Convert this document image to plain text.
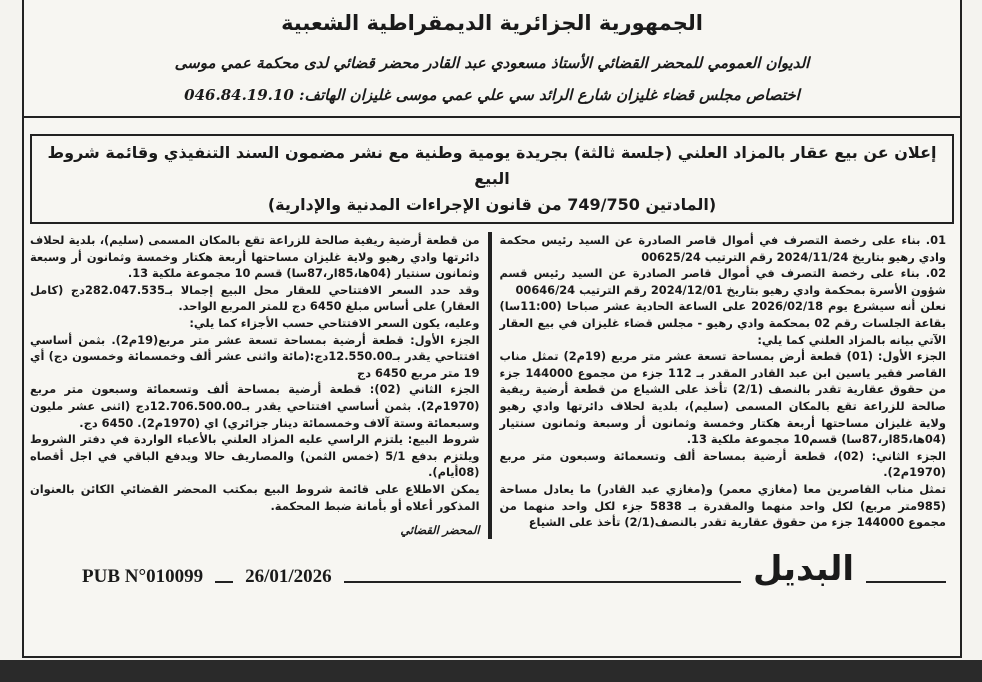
الجمهورية الجزائرية الديمقراطية الشعبية
الديوان العمومي للمحضر القضائي الأستاذ مسعودي عبد القادر محضر قضائي لدى محكمة عمي موسى
اختصاص مجلس قضاء غليزان شارع الرائد سي علي عمي موسى غليزان الهاتف: 046.84.19.10
إعلان عن بيع عقار بالمزاد العلني (جلسة ثالثة) بجريدة يومية وطنية مع نشر مضمون السند التنفيذي وقائمة شروط البيع
(المادتين 749/750 من قانون الإجراءات المدنية والإدارية)

01. بناء على رخصة التصرف في أموال قاصر الصادرة عن السيد رئيس محكمة وادي رهيو بتاريخ 2024/11/24 رقم الترتيب 00625/24

02. بناء على رخصة التصرف في أموال قاصر الصادرة عن السيد رئيس قسم شؤون الأسرة بمحكمة وادي رهيو بتاريخ 2024/12/01 رقم الترتيب 00646/24

نعلن أنه سيشرع يوم 2026/02/18 على الساعة الحادية عشر صباحا (11:00سا) بقاعة الجلسات رقم 02 بمحكمة وادي رهيو - مجلس قضاء غليزان في بيع العقار الآتي بيانه بالمزاد العلني كما يلي:

الجزء الأول: (01) قطعة أرض بمساحة تسعة عشر متر مربع (19م2) تمثل مناب القاصر فقير ياسين ابن عبد القادر المقدر بـ 112 جزء من مجموع 144000 جزء من حقوق عقارية تقدر بالنصف (2/1) تأخذ على الشياع من قطعة أرضية ريفية صالحة للزراعة تقع بالمكان المسمى (سليم)، بلدية لحلاف دائرتها وادي رهيو ولاية غليزان مساحتها أربعة هكتار وخمسة وثمانون أر وسبعة وثمانون سنتيار (04ها،85ار،87سا) قسم10 مجموعة ملكية 13.

الجزء الثاني: (02)، قطعة أرضية بمساحة ألف وتسعمائة وسبعون متر مربع (1970م2).

تمثل مناب القاصرين معا (مغازي معمر) و(مغازي عبد القادر) ما يعادل مساحة (985متر مربع) لكل واحد منهما والمقدرة بـ 5838 جزء لكل واحد منهما من مجموع 144000 جزء من حقوق عقارية تقدر بالنصف(2/1) تأخذ على الشياع

من قطعة أرضية ريفية صالحة للزراعة تقع بالمكان المسمى (سليم)، بلدية لحلاف دائرتها وادي رهيو ولاية غليزان مساحتها أربعة هكتار وخمسة وثمانون أر وسبعة وثمانون سنتيار (04ها،85ار،87سا) قسم 10 مجموعة ملكية 13.

وقد حدد السعر الافتتاحي للعقار محل البيع إجمالا بـ282.047.535دج (كامل العقار) على أساس مبلغ 6450 دج للمتر المربع الواحد.

وعليه، يكون السعر الافتتاحي حسب الأجزاء كما يلي:

الجزء الأول: قطعة أرضية بمساحة تسعة عشر متر مربع(19م2). بثمن أساسي افتتاحي يقدر بـ12.550.00دج:(مائة واثنى عشر ألف وخمسمائة وخمسون دج) أي 19 متر مربع 6450 دج

الجزء الثاني (02): قطعة أرضية بمساحة ألف وتسعمائة وسبعون متر مربع (1970م2). بثمن أساسي افتتاحي يقدر بـ12.706.500.00دج (اثنى عشر مليون وسبعمائة وستة آلاف وخمسمائة دينار جزائري) اي (1970م2). 6450 دج.

شروط البيع: يلتزم الراسي عليه المزاد العلني بالأعباء الواردة في دفتر الشروط ويلتزم بدفع 5/1 (خمس الثمن) والمصاريف حالا ويدفع الباقي في اجل أقصاه (08أيام).

يمكن الاطلاع على قائمة شروط البيع بمكتب المحضر القضائي الكائن بالعنوان المذكور أعلاه أو بأمانة ضبط المحكمة.

المحضر القضائي

PUB N°010099 26/01/2026	البديل
